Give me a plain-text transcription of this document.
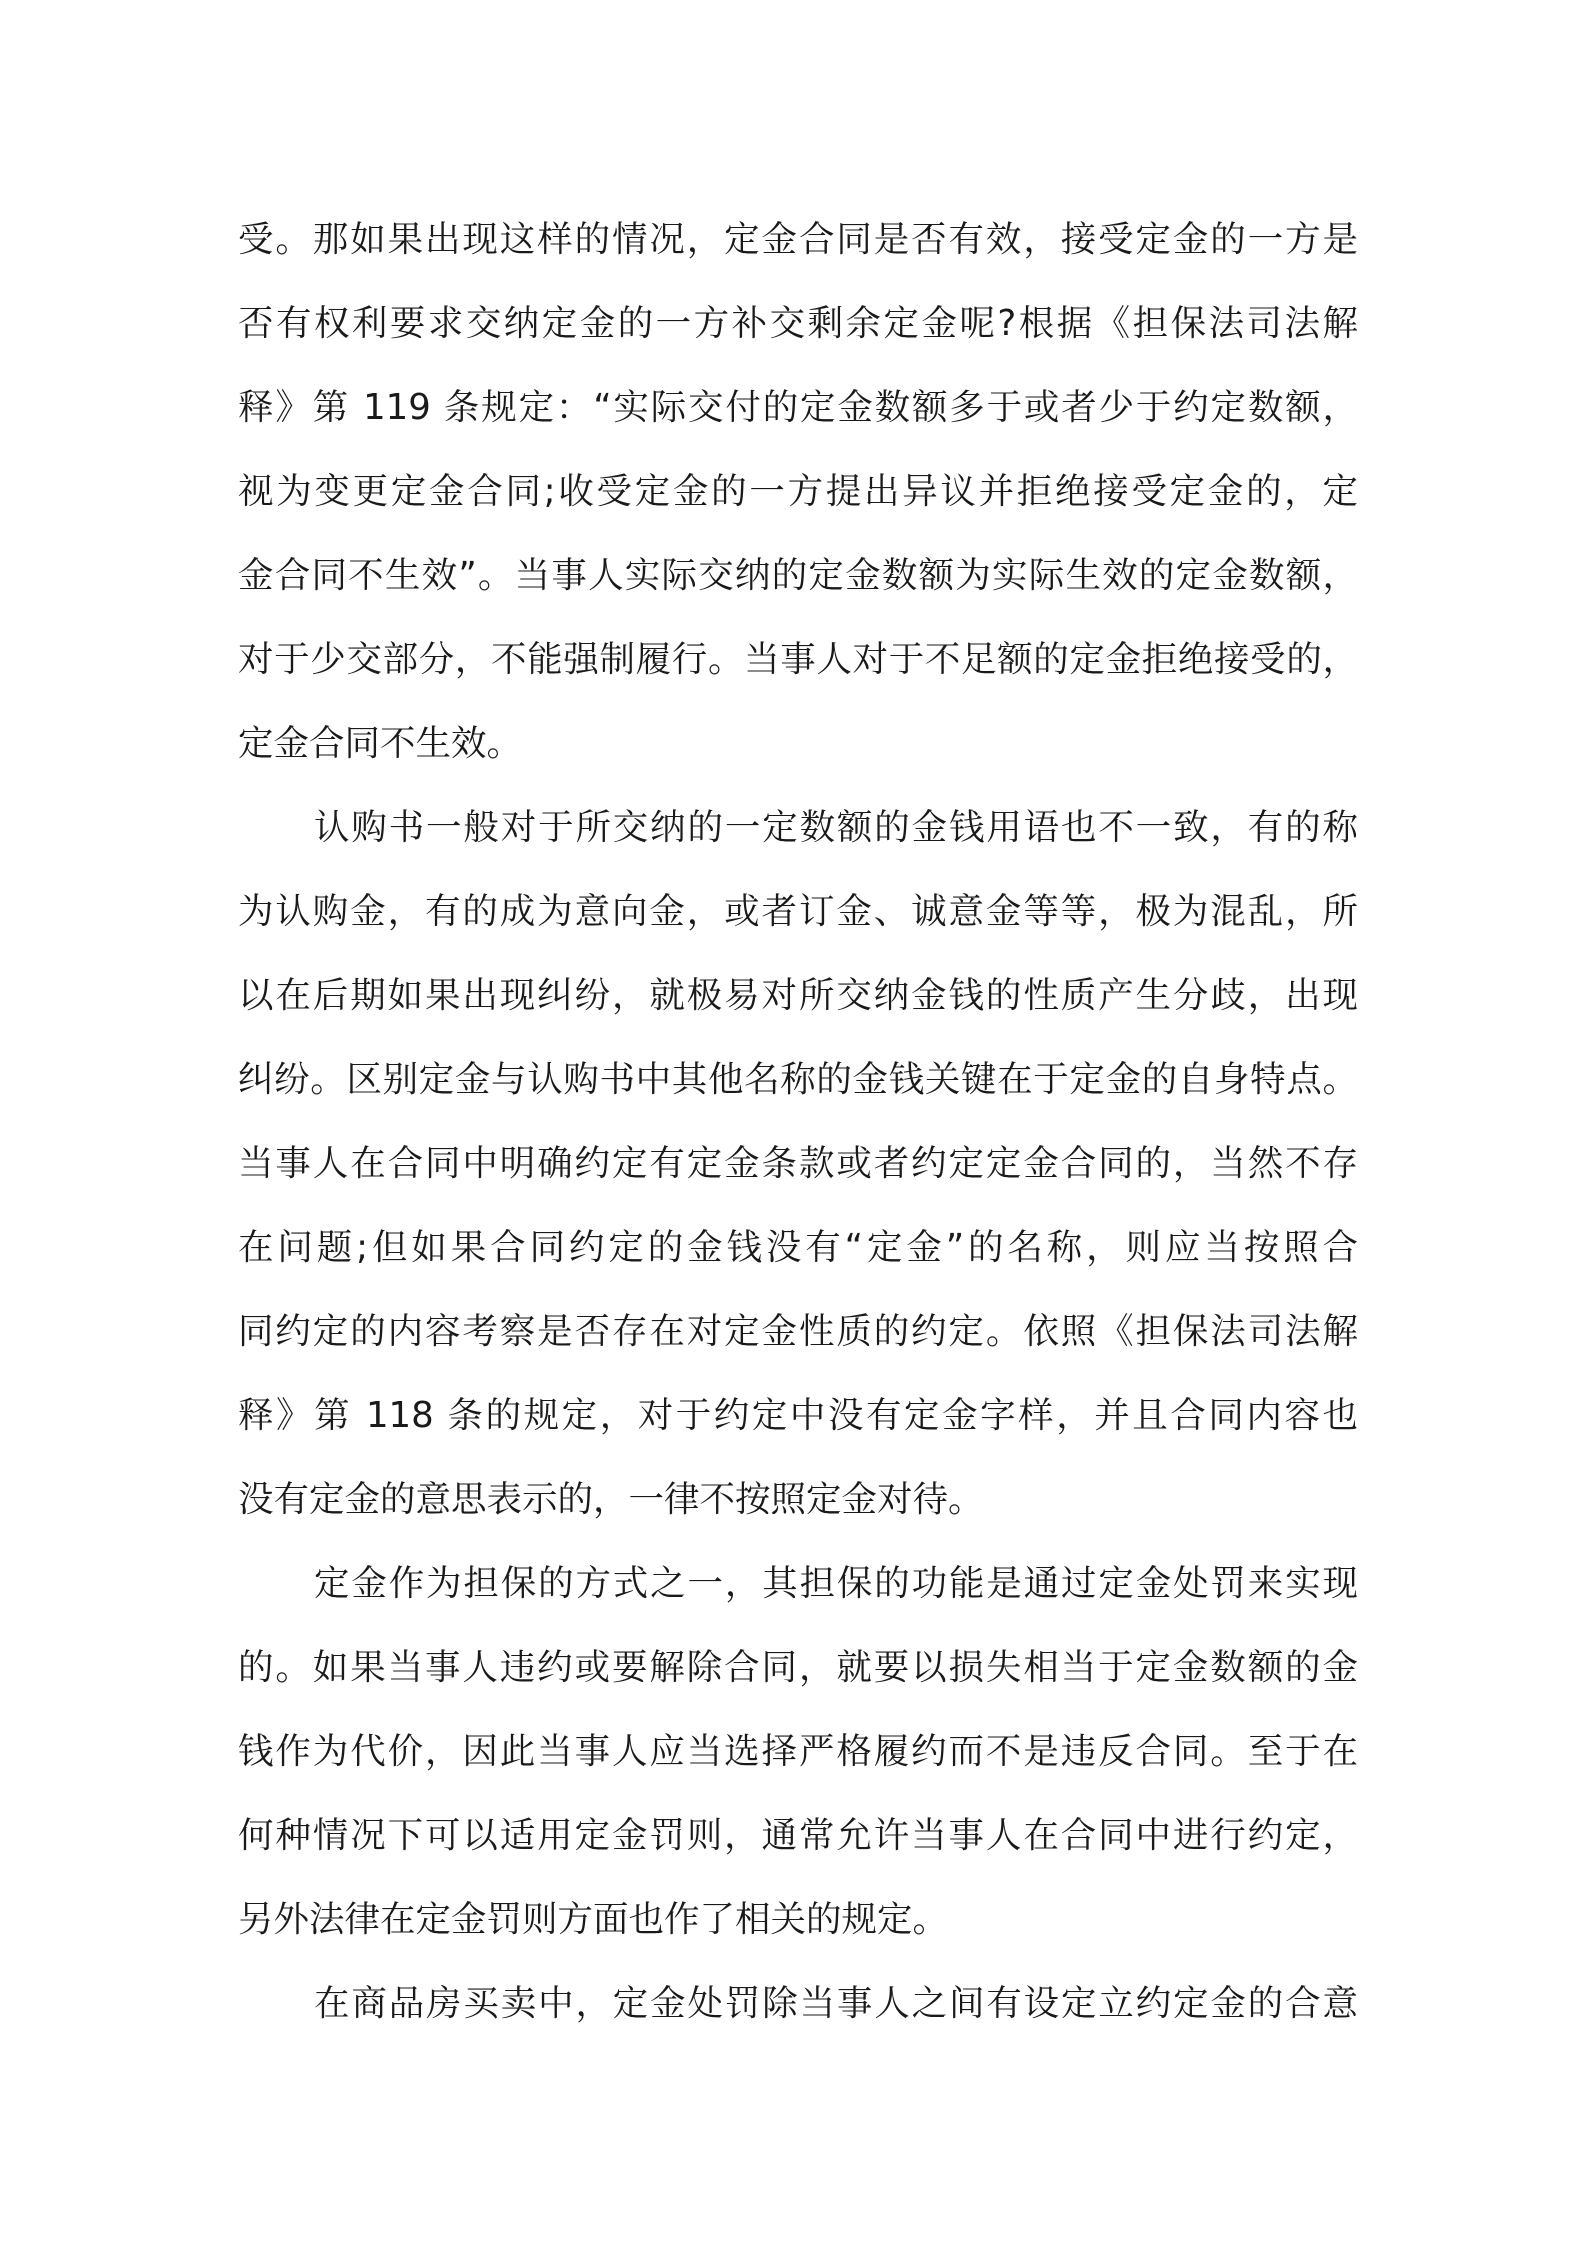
受。那如果出现这样的情况，定金合同是否有效，接受定金的一方是
否有权利要求交纳定金的一方补交剩余定金呢?根据《担保法司法解
释》第 119 条规定：“实际交付的定金数额多于或者少于约定数额，
视为变更定金合同;收受定金的一方提出异议并拒绝接受定金的，定
金合同不生效”。当事人实际交纳的定金数额为实际生效的定金数额，
对于少交部分，不能强制履行。当事人对于不足额的定金拒绝接受的，
定金合同不生效。
认购书一般对于所交纳的一定数额的金钱用语也不一致，有的称
为认购金，有的成为意向金，或者订金、诚意金等等，极为混乱，所
以在后期如果出现纠纷，就极易对所交纳金钱的性质产生分歧，出现
纠纷。区别定金与认购书中其他名称的金钱关键在于定金的自身特点。
当事人在合同中明确约定有定金条款或者约定定金合同的，当然不存
在问题;但如果合同约定的金钱没有“定金”的名称，则应当按照合
同约定的内容考察是否存在对定金性质的约定。依照《担保法司法解
释》第 118 条的规定，对于约定中没有定金字样，并且合同内容也
没有定金的意思表示的，一律不按照定金对待。
定金作为担保的方式之一，其担保的功能是通过定金处罚来实现
的。如果当事人违约或要解除合同，就要以损失相当于定金数额的金
钱作为代价，因此当事人应当选择严格履约而不是违反合同。至于在
何种情况下可以适用定金罚则，通常允许当事人在合同中进行约定，
另外法律在定金罚则方面也作了相关的规定。
在商品房买卖中，定金处罚除当事人之间有设定立约定金的合意
